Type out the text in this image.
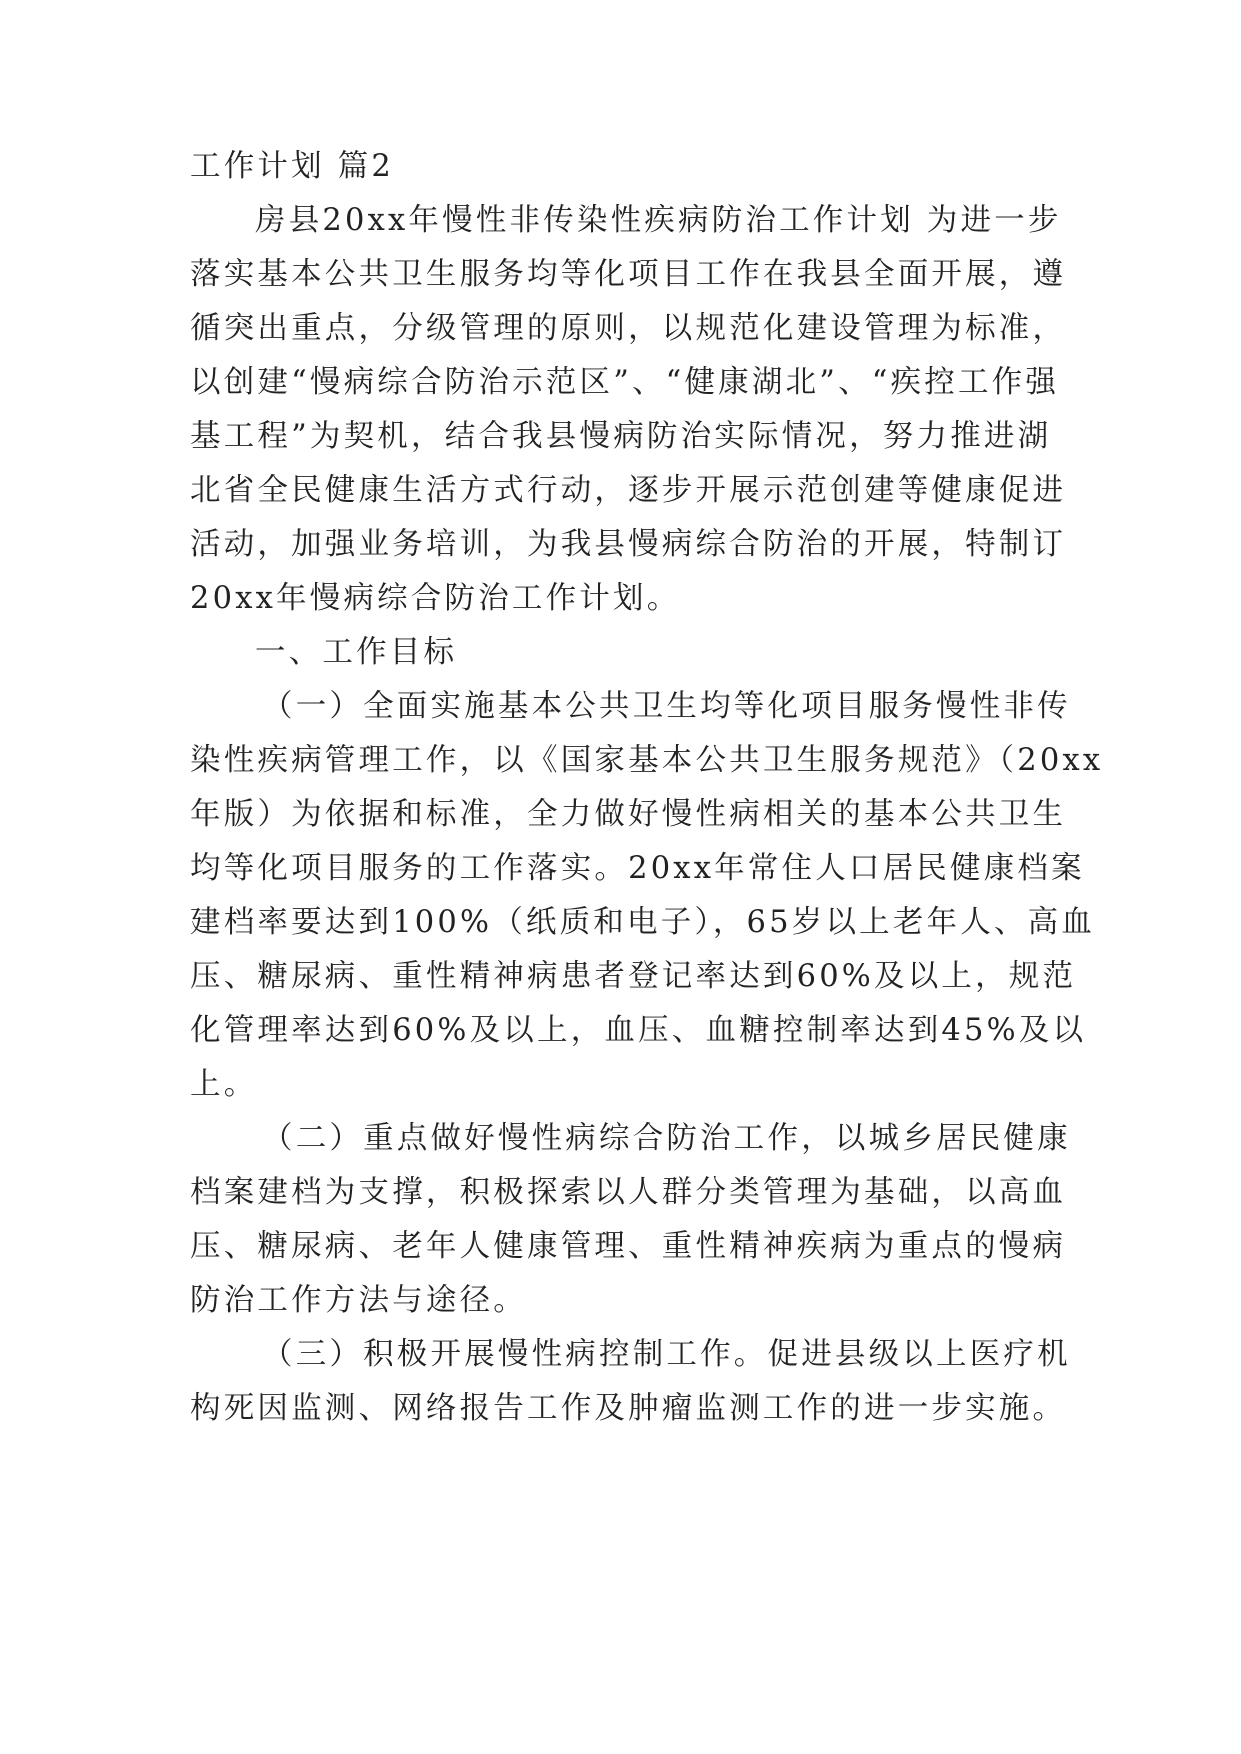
工作计划 篇2

房县20xx年慢性非传染性疾病防治工作计划 为进一步

落实基本公共卫生服务均等化项目工作在我县全面开展，遵

循突出重点，分级管理的原则，以规范化建设管理为标准，

以创建“慢病综合防治示范区”、“健康湖北”、“疾控工作强

基工程”为契机，结合我县慢病防治实际情况，努力推进湖

北省全民健康生活方式行动，逐步开展示范创建等健康促进

活动，加强业务培训，为我县慢病综合防治的开展，特制订

20xx年慢病综合防治工作计划。

一、工作目标

（一）全面实施基本公共卫生均等化项目服务慢性非传

染性疾病管理工作，以《国家基本公共卫生服务规范》（20xx

年版）为依据和标准，全力做好慢性病相关的基本公共卫生

均等化项目服务的工作落实。20xx年常住人口居民健康档案

建档率要达到100%（纸质和电子），65岁以上老年人、高血

压、糖尿病、重性精神病患者登记率达到60%及以上，规范

化管理率达到60%及以上，血压、血糖控制率达到45%及以

上。

（二）重点做好慢性病综合防治工作，以城乡居民健康

档案建档为支撑，积极探索以人群分类管理为基础，以高血

压、糖尿病、老年人健康管理、重性精神疾病为重点的慢病

防治工作方法与途径。

（三）积极开展慢性病控制工作。促进县级以上医疗机

构死因监测、网络报告工作及肿瘤监测工作的进一步实施。
